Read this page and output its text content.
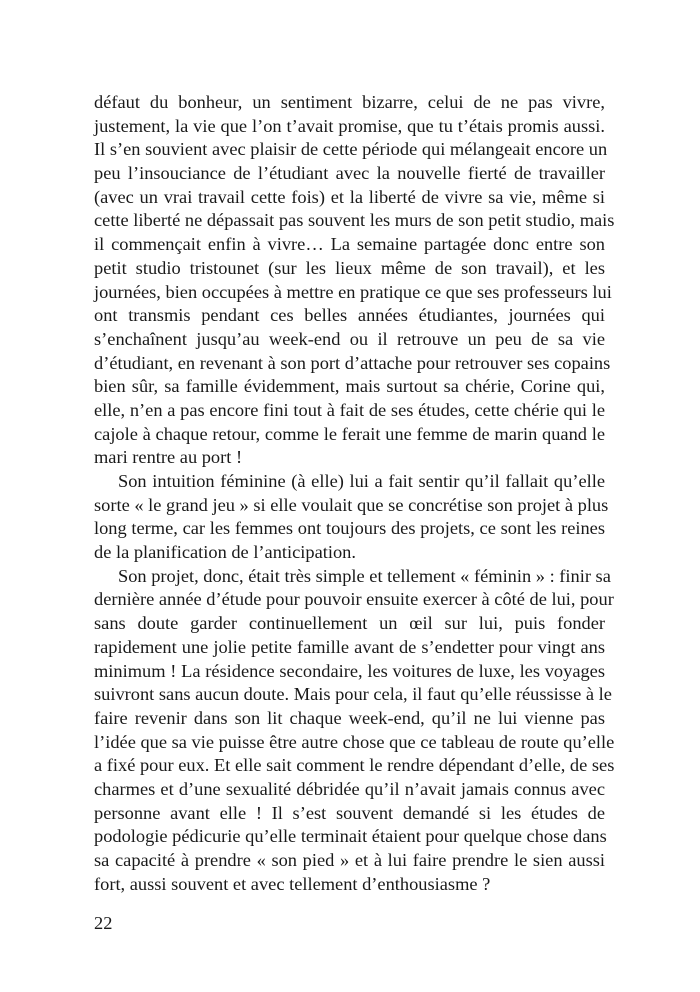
défaut du bonheur, un sentiment bizarre, celui de ne pas vivre,
justement, la vie que l’on t’avait promise, que tu t’étais promis aussi.
Il s’en souvient avec plaisir de cette période qui mélangeait encore un
peu l’insouciance de l’étudiant avec la nouvelle fierté de travailler
(avec un vrai travail cette fois) et la liberté de vivre sa vie, même si
cette liberté ne dépassait pas souvent les murs de son petit studio, mais
il commençait enfin à vivre… La semaine partagée donc entre son
petit studio tristounet (sur les lieux même de son travail), et les
journées, bien occupées à mettre en pratique ce que ses professeurs lui
ont transmis pendant ces belles années étudiantes, journées qui
s’enchaînent jusqu’au week-end ou il retrouve un peu de sa vie
d’étudiant, en revenant à son port d’attache pour retrouver ses copains
bien sûr, sa famille évidemment, mais surtout sa chérie, Corine qui,
elle, n’en a pas encore fini tout à fait de ses études, cette chérie qui le
cajole à chaque retour, comme le ferait une femme de marin quand le
mari rentre au port !
Son intuition féminine (à elle) lui a fait sentir qu’il fallait qu’elle
sorte « le grand jeu » si elle voulait que se concrétise son projet à plus
long terme, car les femmes ont toujours des projets, ce sont les reines
de la planification de l’anticipation.
Son projet, donc, était très simple et tellement « féminin » : finir sa
dernière année d’étude pour pouvoir ensuite exercer à côté de lui, pour
sans doute garder continuellement un œil sur lui, puis fonder
rapidement une jolie petite famille avant de s’endetter pour vingt ans
minimum ! La résidence secondaire, les voitures de luxe, les voyages
suivront sans aucun doute. Mais pour cela, il faut qu’elle réussisse à le
faire revenir dans son lit chaque week-end, qu’il ne lui vienne pas
l’idée que sa vie puisse être autre chose que ce tableau de route qu’elle
a fixé pour eux. Et elle sait comment le rendre dépendant d’elle, de ses
charmes et d’une sexualité débridée qu’il n’avait jamais connus avec
personne avant elle ! Il s’est souvent demandé si les études de
podologie pédicurie qu’elle terminait étaient pour quelque chose dans
sa capacité à prendre « son pied » et à lui faire prendre le sien aussi
fort, aussi souvent et avec tellement d’enthousiasme ?
22
